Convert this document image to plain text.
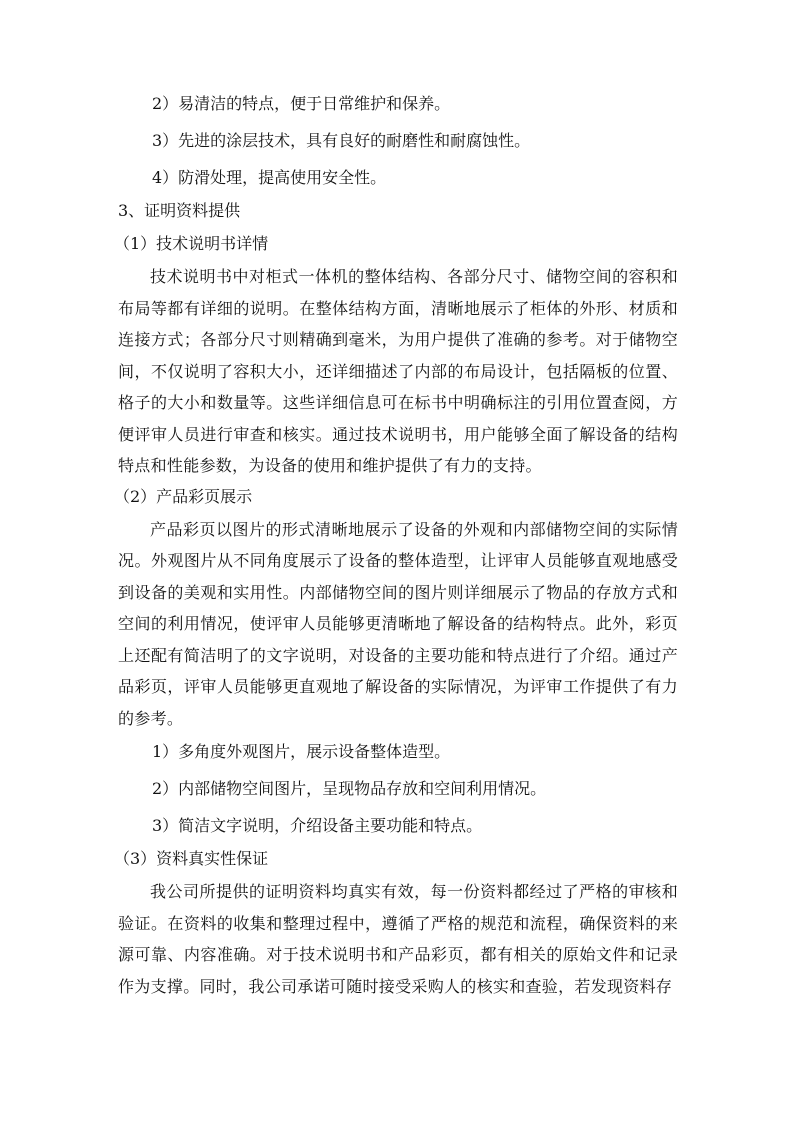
2）易清洁的特点，便于日常维护和保养。
3）先进的涂层技术，具有良好的耐磨性和耐腐蚀性。
4）防滑处理，提高使用安全性。
3、证明资料提供
（1）技术说明书详情
技术说明书中对柜式一体机的整体结构、各部分尺寸、储物空间的容积和布局等都有详细的说明。在整体结构方面，清晰地展示了柜体的外形、材质和连接方式；各部分尺寸则精确到毫米，为用户提供了准确的参考。对于储物空间，不仅说明了容积大小，还详细描述了内部的布局设计，包括隔板的位置、格子的大小和数量等。这些详细信息可在标书中明确标注的引用位置查阅，方便评审人员进行审查和核实。通过技术说明书，用户能够全面了解设备的结构特点和性能参数，为设备的使用和维护提供了有力的支持。
（2）产品彩页展示
产品彩页以图片的形式清晰地展示了设备的外观和内部储物空间的实际情况。外观图片从不同角度展示了设备的整体造型，让评审人员能够直观地感受到设备的美观和实用性。内部储物空间的图片则详细展示了物品的存放方式和空间的利用情况，使评审人员能够更清晰地了解设备的结构特点。此外，彩页上还配有简洁明了的文字说明，对设备的主要功能和特点进行了介绍。通过产品彩页，评审人员能够更直观地了解设备的实际情况，为评审工作提供了有力的参考。
1）多角度外观图片，展示设备整体造型。
2）内部储物空间图片，呈现物品存放和空间利用情况。
3）简洁文字说明，介绍设备主要功能和特点。
（3）资料真实性保证
我公司所提供的证明资料均真实有效，每一份资料都经过了严格的审核和验证。在资料的收集和整理过程中，遵循了严格的规范和流程，确保资料的来源可靠、内容准确。对于技术说明书和产品彩页，都有相关的原始文件和记录作为支撑。同时，我公司承诺可随时接受采购人的核实和查验，若发现资料存
